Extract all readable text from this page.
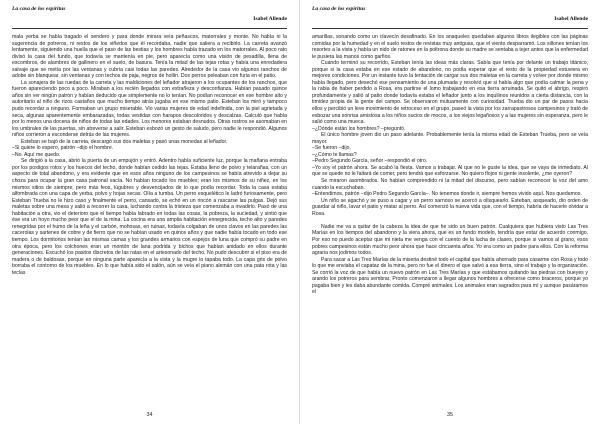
La casa de los espíritus
Isabel Allende

mala yerba se había tragado el sendero y para donde mirara veía peñascos, matorrales y monte. No había ni la sugerencia de potreros, ni restos de los viñedos que él recordaba, nadie que saliera a recibirlo. La carreta avanzó lentamente, siguiendo una huella que el paso de las bestias y los hombres había trazado en los matorrales. Al poco rato divisó la casa del fundo, que todavía se mantenía en pie, pero aparecía como una visión de pesadilla, llena de escombros, de alambres de gallinero en el suelo, de basura. Tenía la mitad de las tejas rotas y había una enredadera salvaje que se metía por las ventanas y cubría casi todas las paredes. Alrededor de la casa vio algunos ranchos de adobe sin blanquear, sin ventanas y con techos de paja, negros de hollín. Dos perros peleaban con furia en el patio.

La sonajera de las ruedas de la carreta y las maldiciones del leñador atrajeron a los ocupantes de los ranchos, que fueron apareciendo poco a poco. Miraban a los recién llegados con extrañeza y desconfianza. Habían pasado quince años sin ver ningún patrón y habían deducido que simplemente no lo tenían. No podían reconocer en ese hombre alto y autoritario al niño de rizos castaños que mucho tiempo atrás jugaba en ese mismo patio. Esteban los miró y tampoco pudo recordar a ninguno. Formaban un grupo miserable. Vio varias mujeres de edad indefinida, con la piel agrietada y seca, algunas aparentemente embarazadas, todas vestidas con harapos descoloridos y descalzas. Calculó que había por lo menos una docena de niños de todas las edades. Los menores estaban desnudos. Otras rostros se asomaban en los umbrales de las puertas, sin atreverse a salir. Esteban esbozó un gesto de saludo, pero nadie le respondió. Algunos niños corrieron a esconderse detrás de las mujeres.

Esteban se bajó de la carreta, descargó sus dos maletas y pasó unas monedas al leñador.

–Si quiere lo espero, patrón –dijo el hombre.

–No. Aquí me quedo.

Se dirigió a la casa, abrió la puerta de un empujón y entró. Adentro había suficiente luz, porque la mañana entraba por los postigos rotos y los huecos del techo, donde habían cedido las tejas. Estaba lleno de polvo y telarañas, con un aspecto de total abandono, y era evidente que en esos años ninguno de los campesinos se había atrevido a dejar su choza para ocupar la gran casa patronal vacía. No habían tocado los muebles; eran los mismos de su niñez, en los mismos sitios de siempre, pero más feos, lúgubres y desvencijados de lo que podía recordar. Toda la casa estaba alfombrada con una capa de yerba, polvo y hojas secas. Olía a tumba. Un perro esquelético le ladró furiosamente, pero Esteban Trueba no le hizo caso y finalmente el perro, cansado, se echó en un rincón a rascarse las pulgas. Dejó sus maletas sobre una mesa y salió a recorrer la casa, luchando contra la tristeza que comenzaba a invadirlo. Pasó de una habitación a otra, vio el deterioro que el tiempo había labrado en todas las cosas, la pobreza, la suciedad, y sintió que ése era un hoyo mucho peor que el de la mina. La cocina era una amplia habitación ennegrecida, techo alto y paredes renegridas por el humo de la leña y el carbón, mohosas, en ruinas, todavía colgaban de unos clavos en las paredes las cacerolas y sartenes de cobre y de fierro que no se habían usado en quince años y que nadie había tocado en todo ese tiempo. Los dormitorios tenían las mismas camas y los grandes armarios con espejos de luna que compró su padre en otra época, pero los colchones eran un montón de lana podrida y bichos que habían anidado en ellos durante generaciones. Escuchó los pasitos discretos de las ratas en el artesonado del techo. No pudo descubrir si el piso era de madera o de baldosas, porque en ninguna parte aparecía a la vista y la mugre lo tapaba todo. La capa gris de polvo borraba el contorno de los muebles. En lo que había sido el salón, aún se veía el piano alemán con una pata rota y las teclas

34
La casa de los espíritus
Isabel Allende

amarillas, sonando como un clavecín desafinado. En los anaqueles quedaban algunos libros ilegibles con las páginas comidas por la humedad y en el suelo restos de revistas muy antiguas, que el viento desparramó. Los sillones tenían los resortes a la vista y había un nido de ratones en la poltrona donde su madre se sentaba a tejer antes que la enfermedad le pusiera las manos como garfios.

Cuando terminó su recorrido, Esteban tenía las ideas más claras. Sabía que tenía por delante un trabajo titánico, porque si la casa estaba en ese estado de abandono, no podía esperar que el resto de la propiedad estuviera en mejores condiciones. Por un instante tuvo la tentación de cargar sus dos maletas en la carreta y volver por donde mismo había llegado, pero desechó ese pensamiento de una plumada y resolvió que si había algo que podía calmar la pena y la rabia de haber perdido a Rosa, era partirse el lomo trabajando en esa tierra arruinada. Se quitó el abrigo, respiró profundamente y salió al patio donde todavía estaba el leñador junto a los inquilinos reunidos a cierta distancia, con la timidez propia de la gente del campo. Se observaron mutuamente con curiosidad. Trueba dio un par de pasos hacia ellos y percibió un leve movimiento de retroceso en el grupo, paseó la vista por los zarrapastrosos campesinos y trató de esbozar una sonrisa amistosa a los niños sucios de mocos, a los viejos legañosos y a las mujeres sin esperanza, pero le salió como una mueca.

–¿Dónde están los hombres? –preguntó.

El único hombre joven dio un paso adelante. Probablemente tenía la misma edad de Esteban Trueba, pero se veía mayor.

–Se fueron –dijo.

–¿Cómo te llamas?

–Pedro Segundo García, señor –respondió el otro.

–Yo soy el patrón ahora. Se acabó la fiesta. Vamos a trabajar. Al que no le guste la idea, que se vaya de inmediato. Al que se quede no le faltará de comer, pero tendrá que esforzarse. No quiero flojos ni gente insolente, ¿me oyeron?

Se miraron asombrados. No habían comprendido ni la mitad del discurso, pero sabían reconocer la voz del amo cuando la escuchaban.

–Entendimos, patrón –dijo Pedro Segundo García–. No tenemos donde ir, siempre hemos vivido aquí. Nos quedamos.

Un niño se agachó y se puso a cagar y un perro sarnoso se acercó a olisquearlo. Esteban, asqueado, dio orden de guardar al niño, lavar el patio y matar al perro. Así comenzó la nueva vida que, con el tiempo, habría de hacerle olvidar a Rosa.

Nadie me va a quitar de la cabeza la idea de que he sido un buen patrón. Cualquiera que hubiera visto Las Tres Marías en los tiempos del abandono y la viera ahora, que es un fundo modelo, tendría que estar de acuerdo conmigo. Por eso no puedo aceptar que mi nieta me venga con el cuento de la lucha de clases, porque si vamos al grano, esos pobres campesinos están mucho peor ahora que hace cincuenta años. Yo era como un padre para ellos. Con la reforma agraria nos jodimos todos.

Para sacar a Las Tres Marías de la miseria destiné todo el capital que había ahorrado para casarme con Rosa y todo lo que me enviaba el capataz de la mina, pero no fue el dinero el que salvó a esa tierra, sino el trabajo y la organización. Se corrió la voz de que había un nuevo patrón en Las Tres Marías y que estábamos quitando las piedras con bueyes y arando los potreros para sembrar. Pronto comenzaron a llegar algunos hombres a ofrecerse como braceros, porque yo pagaba bien y les daba abundante comida. Compré animales. Los animales eran sagrados para mí y aunque pasáramos el

35
